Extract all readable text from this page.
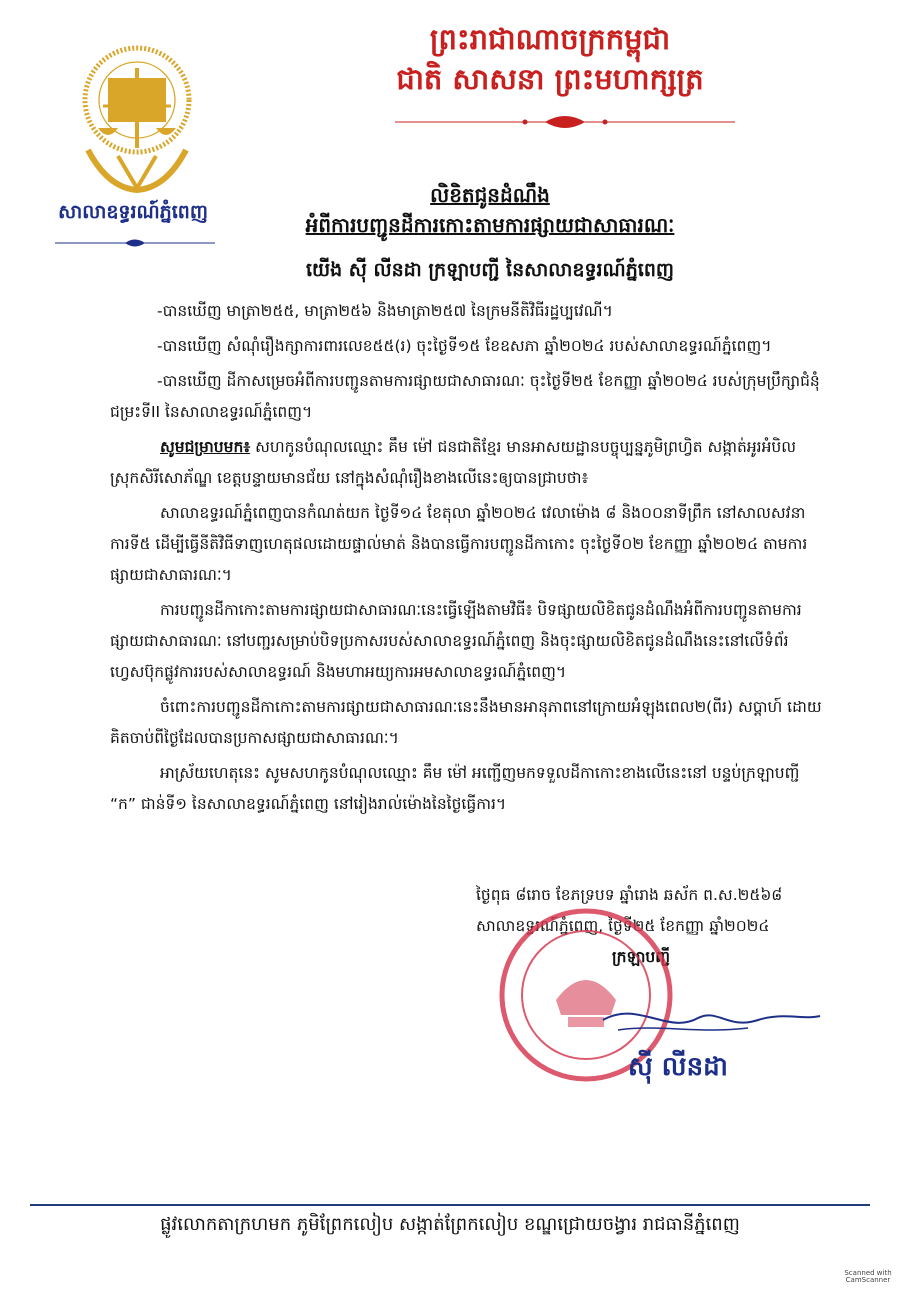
ព្រះរាជាណាចក្រកម្ពុជា
ជាតិ សាសនា ព្រះមហាក្សត្រ
សាលាឧទ្ធរណ៍ភ្នំពេញ
លិខិតជូនដំណឹង
អំពីការបញ្ជូនដីការកោះតាមការផ្សាយជាសាធារណៈ
យើង ស៊ី លីនដា ក្រឡាបញ្ជី នៃសាលាឧទ្ធរណ៍ភ្នំពេញ

-បានឃើញ មាត្រា២៥៥, មាត្រា២៥៦ និងមាត្រា២៥៧ នៃក្រមនីតិវិធីរដ្ឋប្បវេណី។

-បានឃើញ សំណុំរឿងក្សាការពារលេខ៥៥(រ) ចុះថ្ងៃទី១៥ ខែឧសភា ឆ្នាំ២០២៤ របស់សាលាឧទ្ធរណ៍ភ្នំពេញ។

-បានឃើញ ដីកាសម្រេចអំពីការបញ្ជូនតាមការផ្សាយជាសាធារណៈ ចុះថ្ងៃទី២៥ ខែកញ្ញា ឆ្នាំ២០២៤ របស់ក្រុមប្រឹក្សាជំនុំជម្រះទីII នៃសាលាឧទ្ធរណ៍ភ្នំពេញ។

សូមជម្រាបមក៖ សហកូនបំណុលឈ្មោះ គឹម ម៉ៅ ជនជាតិខ្មែរ មានអាសយដ្ឋានបច្ចុប្បន្នភូមិព្រហ្វិត សង្កាត់អូរអំបិល ស្រុកសិរីសោភ័ណ្ឌ ខេត្តបន្ទាយមានជ័យ នៅក្នុងសំណុំរឿងខាងលើនេះឲ្យបានជ្រាបថា៖

សាលាឧទ្ធរណ៍ភ្នំពេញបានកំណត់យក ថ្ងៃទី១៤ ខែតុលា ឆ្នាំ២០២៤ វេលាម៉ោង ៨ និង០០នាទីព្រឹក នៅសាលសវនាការទី៥ ដើម្បីធ្វើនីតិវិធីទាញហេតុផលដោយផ្ទាល់មាត់ និងបានធ្វើការបញ្ជូនដីកាកោះ ចុះថ្ងៃទី០២ ខែកញ្ញា ឆ្នាំ២០២៤ តាមការផ្សាយជាសាធារណៈ។

ការបញ្ជូនដីកាកោះតាមការផ្សាយជាសាធារណៈនេះធ្វើឡើងតាមវិធី៖ បិទផ្សាយលិខិតជូនដំណឹងអំពីការបញ្ជូនតាមការផ្សាយជាសាធារណៈ នៅបញ្ជរសម្រាប់បិទប្រកាសរបស់សាលាឧទ្ធរណ៍ភ្នំពេញ និងចុះផ្សាយលិខិតជូនដំណឹងនេះនៅលើទំព័រហ្វេសប៊ុកផ្លូវការរបស់សាលាឧទ្ធរណ៍ និងមហាអយ្យការអមសាលាឧទ្ធរណ៍ភ្នំពេញ។

ចំពោះការបញ្ជូនដីកាកោះតាមការផ្សាយជាសាធារណៈនេះនឹងមានអានុភាពនៅក្រោយអំឡុងពេល២(ពីរ) សប្តាហ៍ ដោយគិតចាប់ពីថ្ងៃដែលបានប្រកាសផ្សាយជាសាធារណៈ។

អាស្រ័យហេតុនេះ សូមសហកូនបំណុលឈ្មោះ គឹម ម៉ៅ អញ្ជើញមកទទួលដីកាកោះខាងលើនេះនៅ បន្ទប់ក្រឡាបញ្ជី “ក” ជាន់ទី១ នៃសាលាឧទ្ធរណ៍ភ្នំពេញ នៅរៀងរាល់ម៉ោងនៃថ្ងៃធ្វើការ។

ថ្ងៃពុធ ៨រោច ខែភទ្របទ ឆ្នាំរោង ឆស័ក ព.ស.២៥៦៨
សាលាឧទ្ធរណ៍ភ្នំពេញ, ថ្ងៃទី២៥ ខែកញ្ញា ឆ្នាំ២០២៤
ក្រឡាបញ្ជី
ស៊ី លីនដា
ផ្លូវលោកតាក្រហមក ភូមិព្រែកលៀប សង្កាត់ព្រែកលៀប ខណ្ឌជ្រោយចង្វារ រាជធានីភ្នំពេញ
Scanned with CamScanner
